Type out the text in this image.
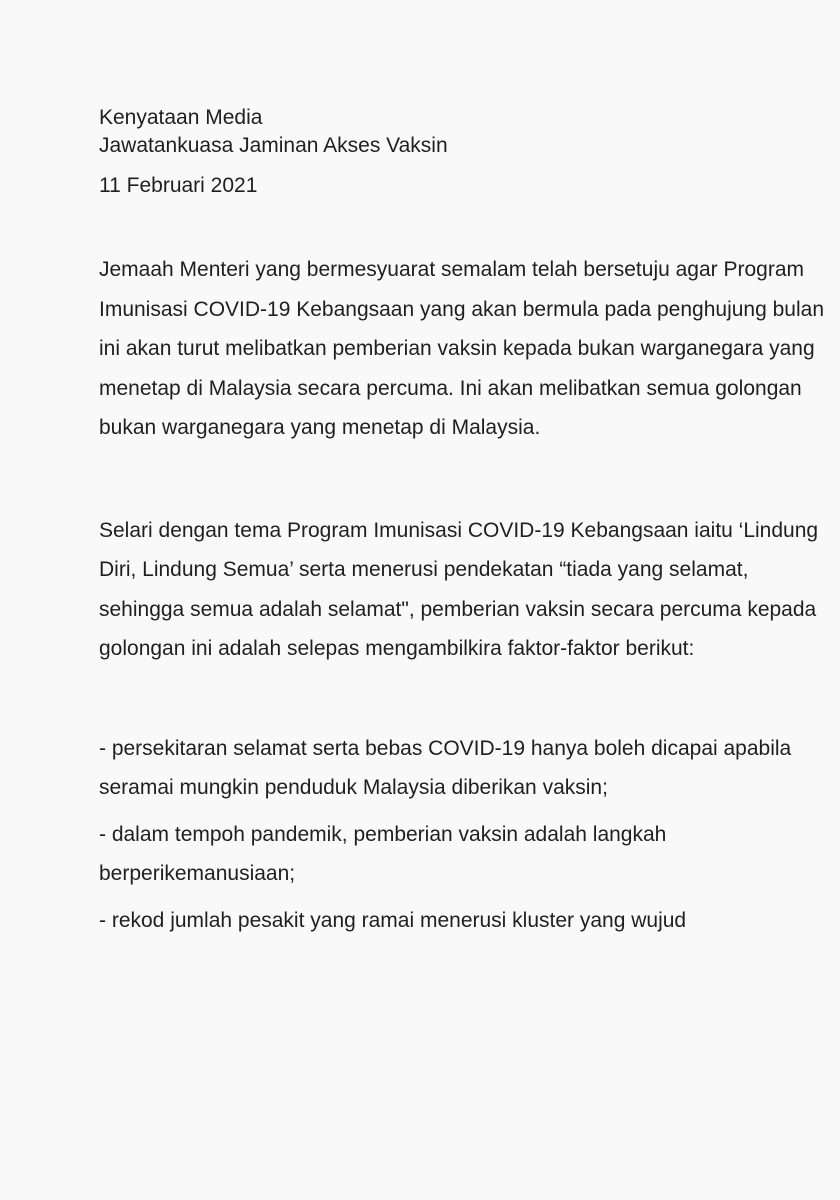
Kenyataan Media

Jawatankuasa Jaminan Akses Vaksin

11 Februari 2021

Jemaah Menteri yang bermesyuarat semalam telah bersetuju agar Program Imunisasi COVID-19 Kebangsaan yang akan bermula pada penghujung bulan ini akan turut melibatkan pemberian vaksin kepada bukan warganegara yang menetap di Malaysia secara percuma. Ini akan melibatkan semua golongan bukan warganegara yang menetap di Malaysia.

Selari dengan tema Program Imunisasi COVID-19 Kebangsaan iaitu ‘Lindung Diri, Lindung Semua’ serta menerusi pendekatan “tiada yang selamat, sehingga semua adalah selamat", pemberian vaksin secara percuma kepada golongan ini adalah selepas mengambilkira faktor-faktor berikut:

- persekitaran selamat serta bebas COVID-19 hanya boleh dicapai apabila seramai mungkin penduduk Malaysia diberikan vaksin;

- dalam tempoh pandemik, pemberian vaksin adalah langkah berperikemanusiaan;

- rekod jumlah pesakit yang ramai menerusi kluster yang wujud
